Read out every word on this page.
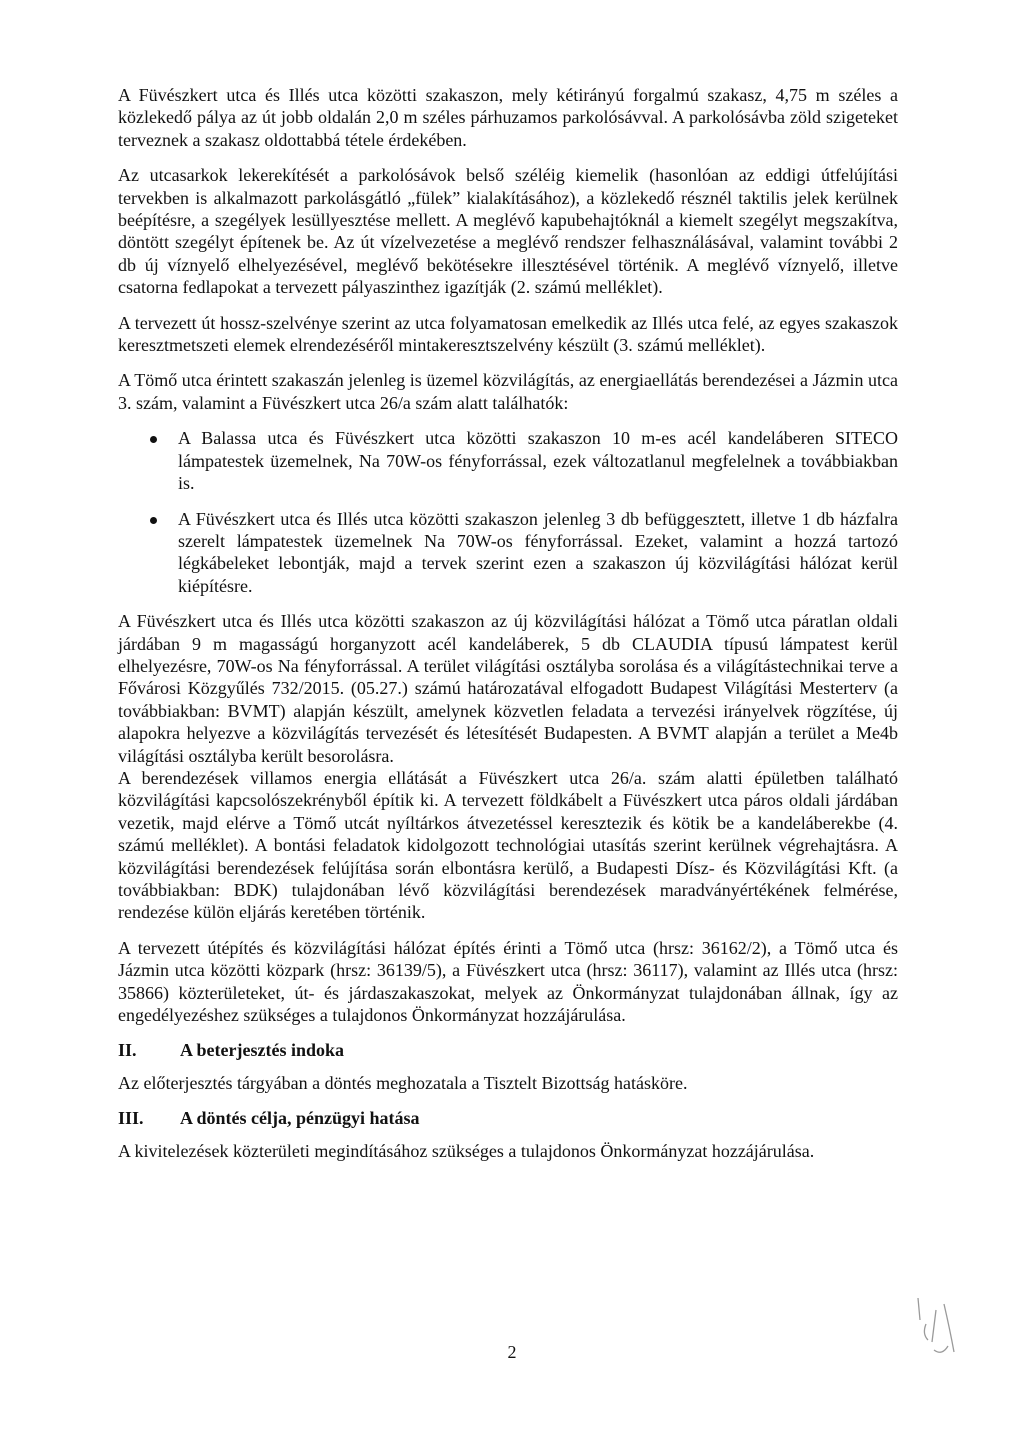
A Füvészkert utca és Illés utca közötti szakaszon, mely kétirányú forgalmú szakasz, 4,75 m széles a közlekedő pálya az út jobb oldalán 2,0 m széles párhuzamos parkolósávval. A parkolósávba zöld szigeteket terveznek a szakasz oldottabbá tétele érdekében.

Az utcasarkok lekerekítését a parkolósávok belső széléig kiemelik (hasonlóan az eddigi útfelújítási tervekben is alkalmazott parkolásgátló „fülek” kialakításához), a közlekedő résznél taktilis jelek kerülnek beépítésre, a szegélyek lesüllyesztése mellett. A meglévő kapubehajtóknál a kiemelt szegélyt megszakítva, döntött szegélyt építenek be. Az út vízelvezetése a meglévő rendszer felhasználásával, valamint további 2 db új víznyelő elhelyezésével, meglévő bekötésekre illesztésével történik. A meglévő víznyelő, illetve csatorna fedlapokat a tervezett pályaszinthez igazítják (2. számú melléklet).

A tervezett út hossz-szelvénye szerint az utca folyamatosan emelkedik az Illés utca felé, az egyes szakaszok keresztmetszeti elemek elrendezéséről mintakeresztszelvény készült (3. számú melléklet).

A Tömő utca érintett szakaszán jelenleg is üzemel közvilágítás, az energiaellátás berendezései a Jázmin utca 3. szám, valamint a Füvészkert utca 26/a szám alatt találhatók:

A Balassa utca és Füvészkert utca közötti szakaszon 10 m-es acél kandeláberen SITECO lámpatestek üzemelnek, Na 70W-os fényforrással, ezek változatlanul megfelelnek a továbbiakban is.
A Füvészkert utca és Illés utca közötti szakaszon jelenleg 3 db befüggesztett, illetve 1 db házfalra szerelt lámpatestek üzemelnek Na 70W-os fényforrással. Ezeket, valamint a hozzá tartozó légkábeleket lebontják, majd a tervek szerint ezen a szakaszon új közvilágítási hálózat kerül kiépítésre.

A Füvészkert utca és Illés utca közötti szakaszon az új közvilágítási hálózat a Tömő utca páratlan oldali járdában 9 m magasságú horganyzott acél kandeláberek, 5 db CLAUDIA típusú lámpatest kerül elhelyezésre, 70W-os Na fényforrással. A terület világítási osztályba sorolása és a világítástechnikai terve a Fővárosi Közgyűlés 732/2015. (05.27.) számú határozatával elfogadott Budapest Világítási Mesterterv (a továbbiakban: BVMT) alapján készült, amelynek közvetlen feladata a tervezési irányelvek rögzítése, új alapokra helyezve a közvilágítás tervezését és létesítését Budapesten. A BVMT alapján a terület a Me4b világítási osztályba került besorolásra.

A berendezések villamos energia ellátását a Füvészkert utca 26/a. szám alatti épületben található közvilágítási kapcsolószekrényből építik ki. A tervezett földkábelt a Füvészkert utca páros oldali járdában vezetik, majd elérve a Tömő utcát nyíltárkos átvezetéssel keresztezik és kötik be a kandeláberekbe (4. számú melléklet). A bontási feladatok kidolgozott technológiai utasítás szerint kerülnek végrehajtásra. A közvilágítási berendezések felújítása során elbontásra kerülő, a Budapesti Dísz- és Közvilágítási Kft. (a továbbiakban: BDK) tulajdonában lévő közvilágítási berendezések maradványértékének felmérése, rendezése külön eljárás keretében történik.

A tervezett útépítés és közvilágítási hálózat építés érinti a Tömő utca (hrsz: 36162/2), a Tömő utca és Jázmin utca közötti közpark (hrsz: 36139/5), a Füvészkert utca (hrsz: 36117), valamint az Illés utca (hrsz: 35866) közterületeket, út- és járdaszakaszokat, melyek az Önkormányzat tulajdonában állnak, így az engedélyezéshez szükséges a tulajdonos Önkormányzat hozzájárulása.

II. A beterjesztés indoka

Az előterjesztés tárgyában a döntés meghozatala a Tisztelt Bizottság hatásköre.

III. A döntés célja, pénzügyi hatása

A kivitelezések közterületi megindításához szükséges a tulajdonos Önkormányzat hozzájárulása.

2
